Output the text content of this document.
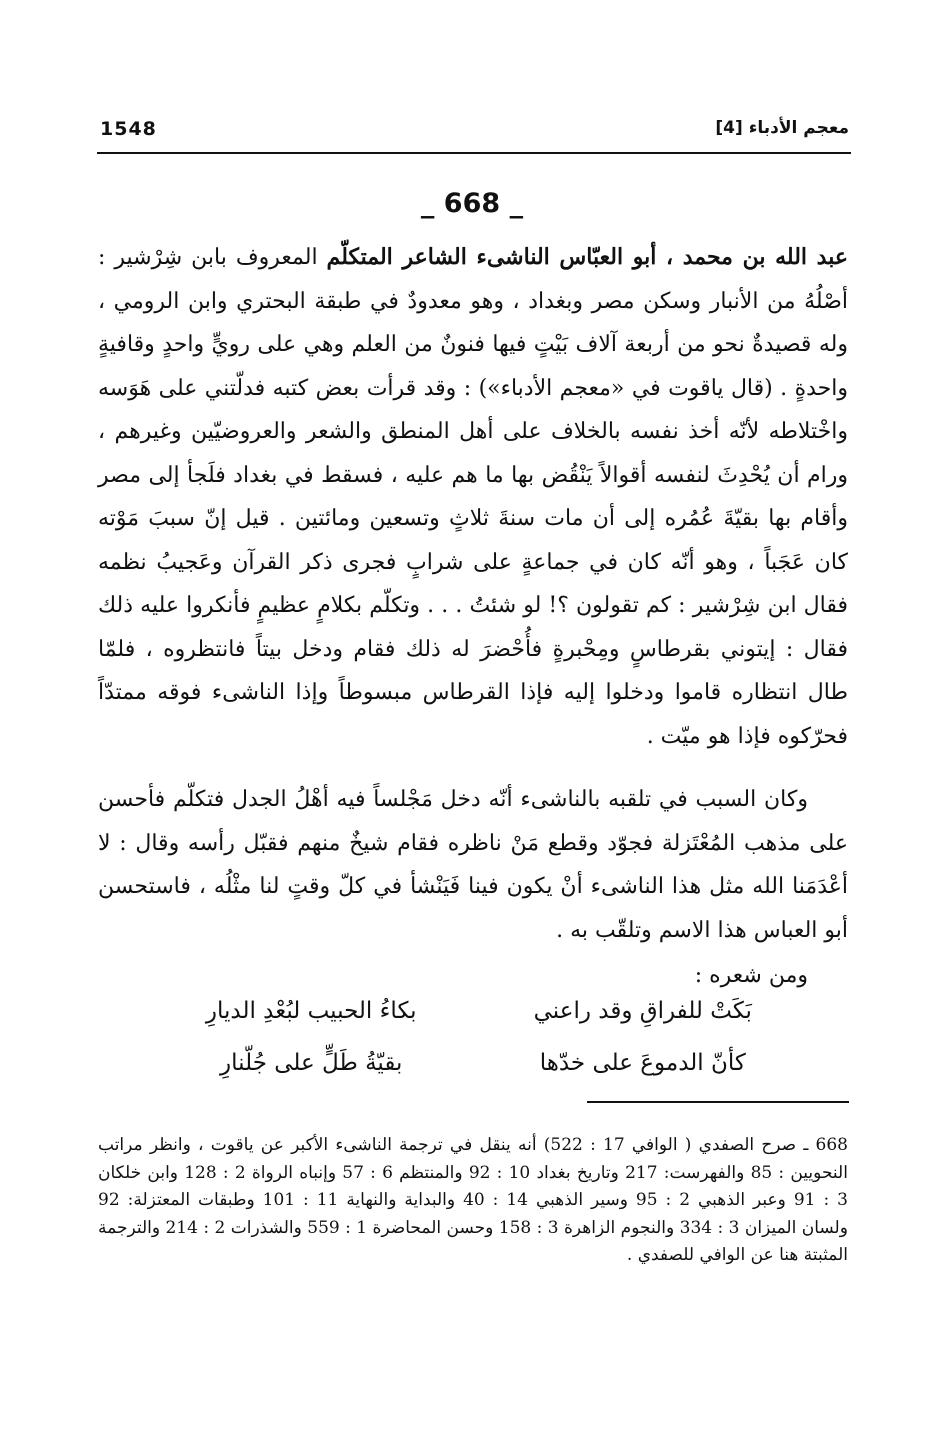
1548	معجم الأدباء [4]
_ 668 _

عبد الله بن محمد ، أبو العبّاس الناشىء الشاعر المتكلّم المعروف بابن شِرْشير : أصْلُهُ من الأنبار وسكن مصر وبغداد ، وهو معدودٌ في طبقة البحتري وابن الرومي ، وله قصيدةٌ نحو من أربعة آلاف بَيْتٍ فيها فنونٌ من العلم وهي على رويٍّ واحدٍ وقافيةٍ واحدةٍ . (قال ياقوت في «معجم الأدباء») : وقد قرأت بعض كتبه فدلّتني على هَوَسه واخْتلاطه لأنّه أخذ نفسه بالخلاف على أهل المنطق والشعر والعروضيّين وغيرهم ، ورام أن يُحْدِثَ لنفسه أقوالاً يَنْقُض بها ما هم عليه ، فسقط في بغداد فلَجأ إلى مصر وأقام بها بقيّةَ عُمُره إلى أن مات سنةَ ثلاثٍ وتسعين ومائتين . قيل إنّ سببَ مَوْته كان عَجَباً ، وهو أنّه كان في جماعةٍ على شرابٍ فجرى ذكر القرآن وعَجيبُ نظمه فقال ابن شِرْشير : كم تقولون ؟! لو شئتُ . . . وتكلّم بكلامٍ عظيمٍ فأنكروا عليه ذلك فقال : إيتوني بقرطاسٍ ومِحْبرةٍ فأُحْضرَ له ذلك فقام ودخل بيتاً فانتظروه ، فلمّا طال انتظاره قاموا ودخلوا إليه فإذا القرطاس مبسوطاً وإذا الناشىء فوقه ممتدّاً فحرّكوه فإذا هو ميّت .

وكان السبب في تلقبه بالناشىء أنّه دخل مَجْلساً فيه أهْلُ الجدل فتكلّم فأحسن على مذهب المُعْتَزلة فجوّد وقطع مَنْ ناظره فقام شيخٌ منهم فقبّل رأسه وقال : لا أعْدَمَنا الله مثل هذا الناشىء أنْ يكون فينا فَيَنْشأ في كلّ وقتٍ لنا مثْلُه ، فاستحسن أبو العباس هذا الاسم وتلقّب به .

ومن شعره :

بَكَتْ للفراقِ وقد راعني
بكاءُ الحبيب لبُعْدِ الديارِ
كأنّ الدموعَ على خدّها
بقيّةُ طَلٍّ على جُلّنارِ

668 ـ صرح الصفدي ( الوافي 17 : 522) أنه ينقل في ترجمة الناشىء الأكبر عن ياقوت ، وانظر مراتب النحويين : 85 والفهرست: 217 وتاريخ بغداد 10 : 92 والمنتظم 6 : 57 وإنباه الرواة 2 : 128 وابن خلكان 3 : 91 وعبر الذهبي 2 : 95 وسير الذهبي 14 : 40 والبداية والنهاية 11 : 101 وطبقات المعتزلة: 92 ولسان الميزان 3 : 334 والنجوم الزاهرة 3 : 158 وحسن المحاضرة 1 : 559 والشذرات 2 : 214 والترجمة المثبتة هنا عن الوافي للصفدي .
